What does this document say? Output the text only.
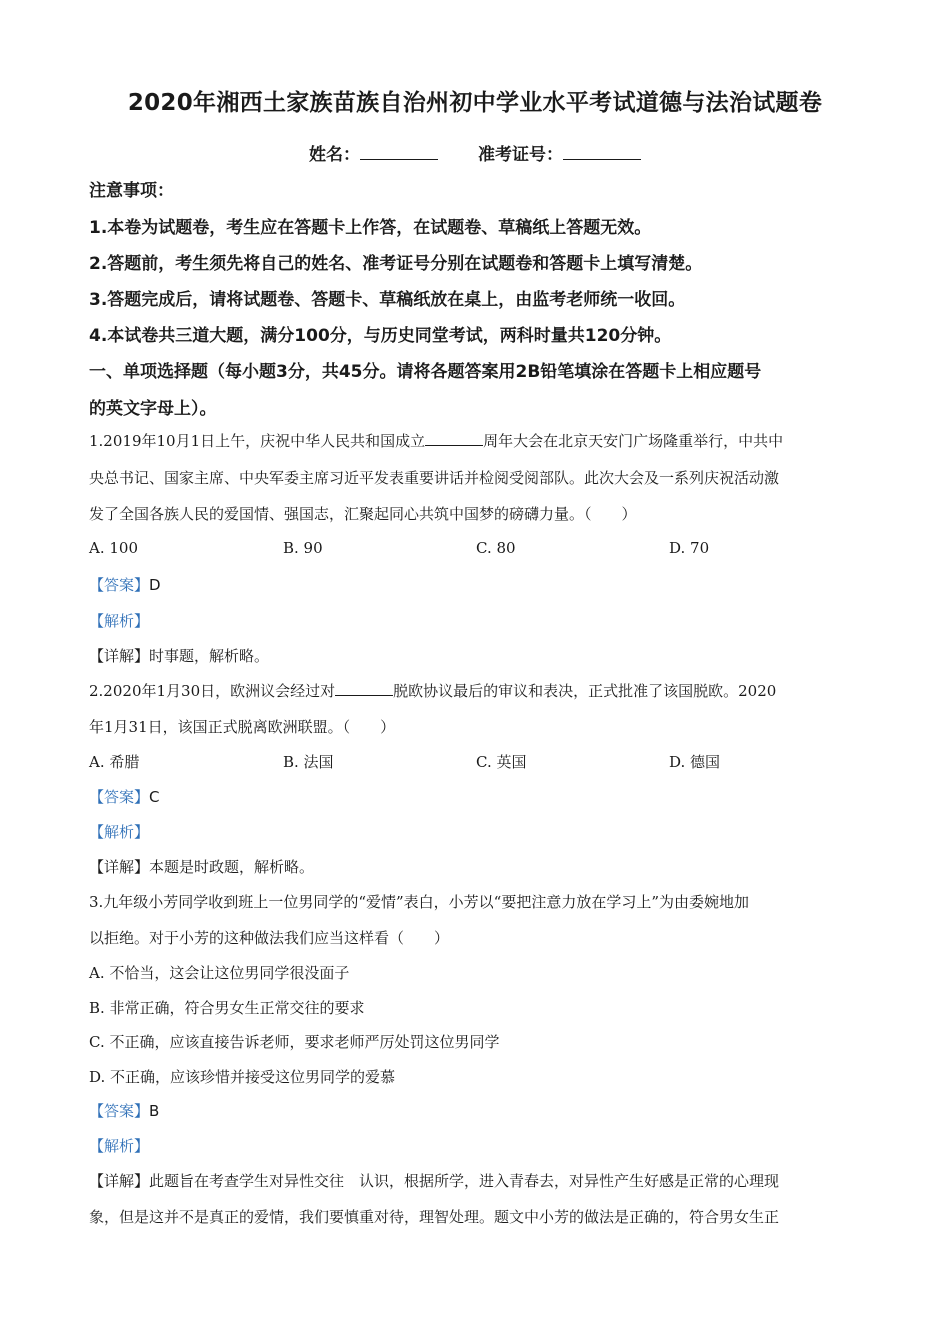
2020年湘西土家族苗族自治州初中学业水平考试道德与法治试题卷
姓名：	准考证号：
注意事项：
1.本卷为试题卷，考生应在答题卡上作答，在试题卷、草稿纸上答题无效。
2.答题前，考生须先将自己的姓名、准考证号分别在试题卷和答题卡上填写清楚。
3.答题完成后，请将试题卷、答题卡、草稿纸放在桌上，由监考老师统一收回。
4.本试卷共三道大题，满分100分，与历史同堂考试，两科时量共120分钟。
一、单项选择题（每小题3分，共45分。请将各题答案用2B铅笔填涂在答题卡上相应题号
的英文字母上）。
1.2019年10月1日上午，庆祝中华人民共和国成立	周年大会在北京天安门广场隆重举行，中共中
央总书记、国家主席、中央军委主席习近平发表重要讲话并检阅受阅部队。此次大会及一系列庆祝活动激
发了全国各族人民的爱国情、强国志，汇聚起同心共筑中国梦的磅礴力量。（　　）
A. 100	B. 90	C. 80	D. 70
【答案】D
【解析】
【详解】时事题，解析略。
2.2020年1月30日，欧洲议会经过对	脱欧协议最后的审议和表决，正式批准了该国脱欧。2020
年1月31日，该国正式脱离欧洲联盟。（　　）
A. 希腊	B. 法国	C. 英国	D. 德国
【答案】C
【解析】
【详解】本题是时政题，解析略。
3.九年级小芳同学收到班上一位男同学的“爱情”表白，小芳以“要把注意力放在学习上”为由委婉地加
以拒绝。对于小芳的这种做法我们应当这样看（　　）
A. 不恰当，这会让这位男同学很没面子
B. 非常正确，符合男女生正常交往的要求
C. 不正确，应该直接告诉老师，要求老师严厉处罚这位男同学
D. 不正确，应该珍惜并接受这位男同学的爱慕
【答案】B
【解析】
【详解】此题旨在考查学生对异性交往　认识，根据所学，进入青春去，对异性产生好感是正常的心理现
象，但是这并不是真正的爱情，我们要慎重对待，理智处理。题文中小芳的做法是正确的，符合男女生正
